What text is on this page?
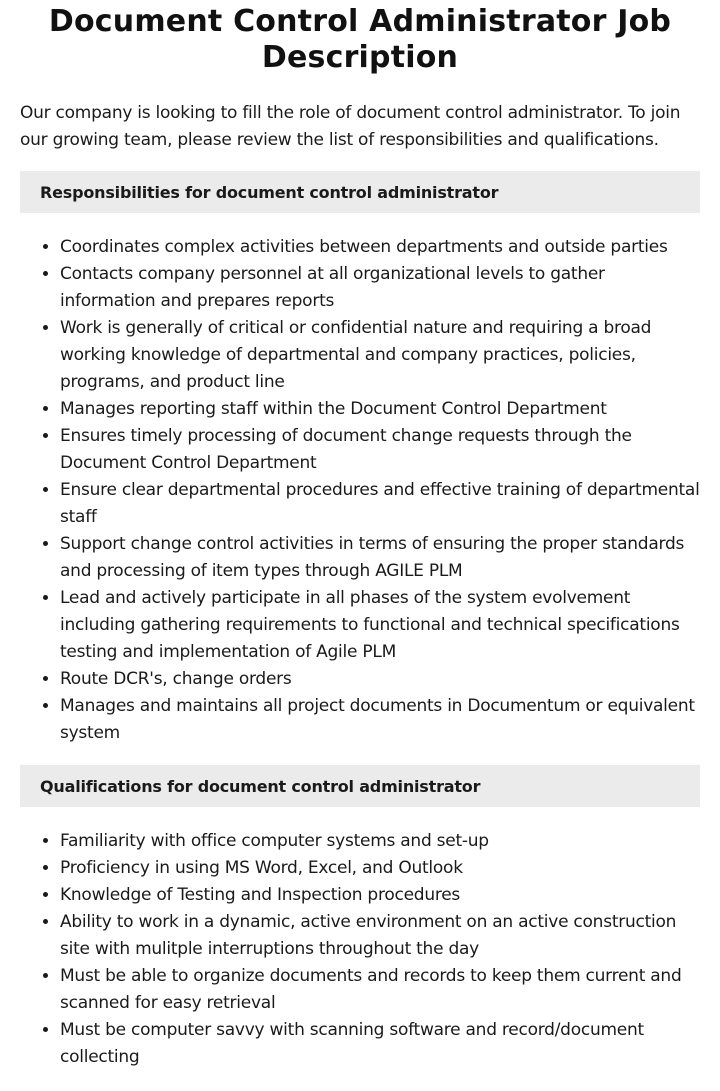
Document Control Administrator Job Description

Our company is looking to fill the role of document control administrator. To join our growing team, please review the list of responsibilities and qualifications.

Responsibilities for document control administrator
• Coordinates complex activities between departments and outside parties
• Contacts company personnel at all organizational levels to gather information and prepares reports
• Work is generally of critical or confidential nature and requiring a broad working knowledge of departmental and company practices, policies, programs, and product line
• Manages reporting staff within the Document Control Department
• Ensures timely processing of document change requests through the Document Control Department
• Ensure clear departmental procedures and effective training of departmental staff
• Support change control activities in terms of ensuring the proper standards and processing of item types through AGILE PLM
• Lead and actively participate in all phases of the system evolvement including gathering requirements to functional and technical specifications testing and implementation of Agile PLM
• Route DCR's, change orders
• Manages and maintains all project documents in Documentum or equivalent system
Qualifications for document control administrator
• Familiarity with office computer systems and set-up
• Proficiency in using MS Word, Excel, and Outlook
• Knowledge of Testing and Inspection procedures
• Ability to work in a dynamic, active environment on an active construction site with mulitple interruptions throughout the day
• Must be able to organize documents and records to keep them current and scanned for easy retrieval
• Must be computer savvy with scanning software and record/document collecting
